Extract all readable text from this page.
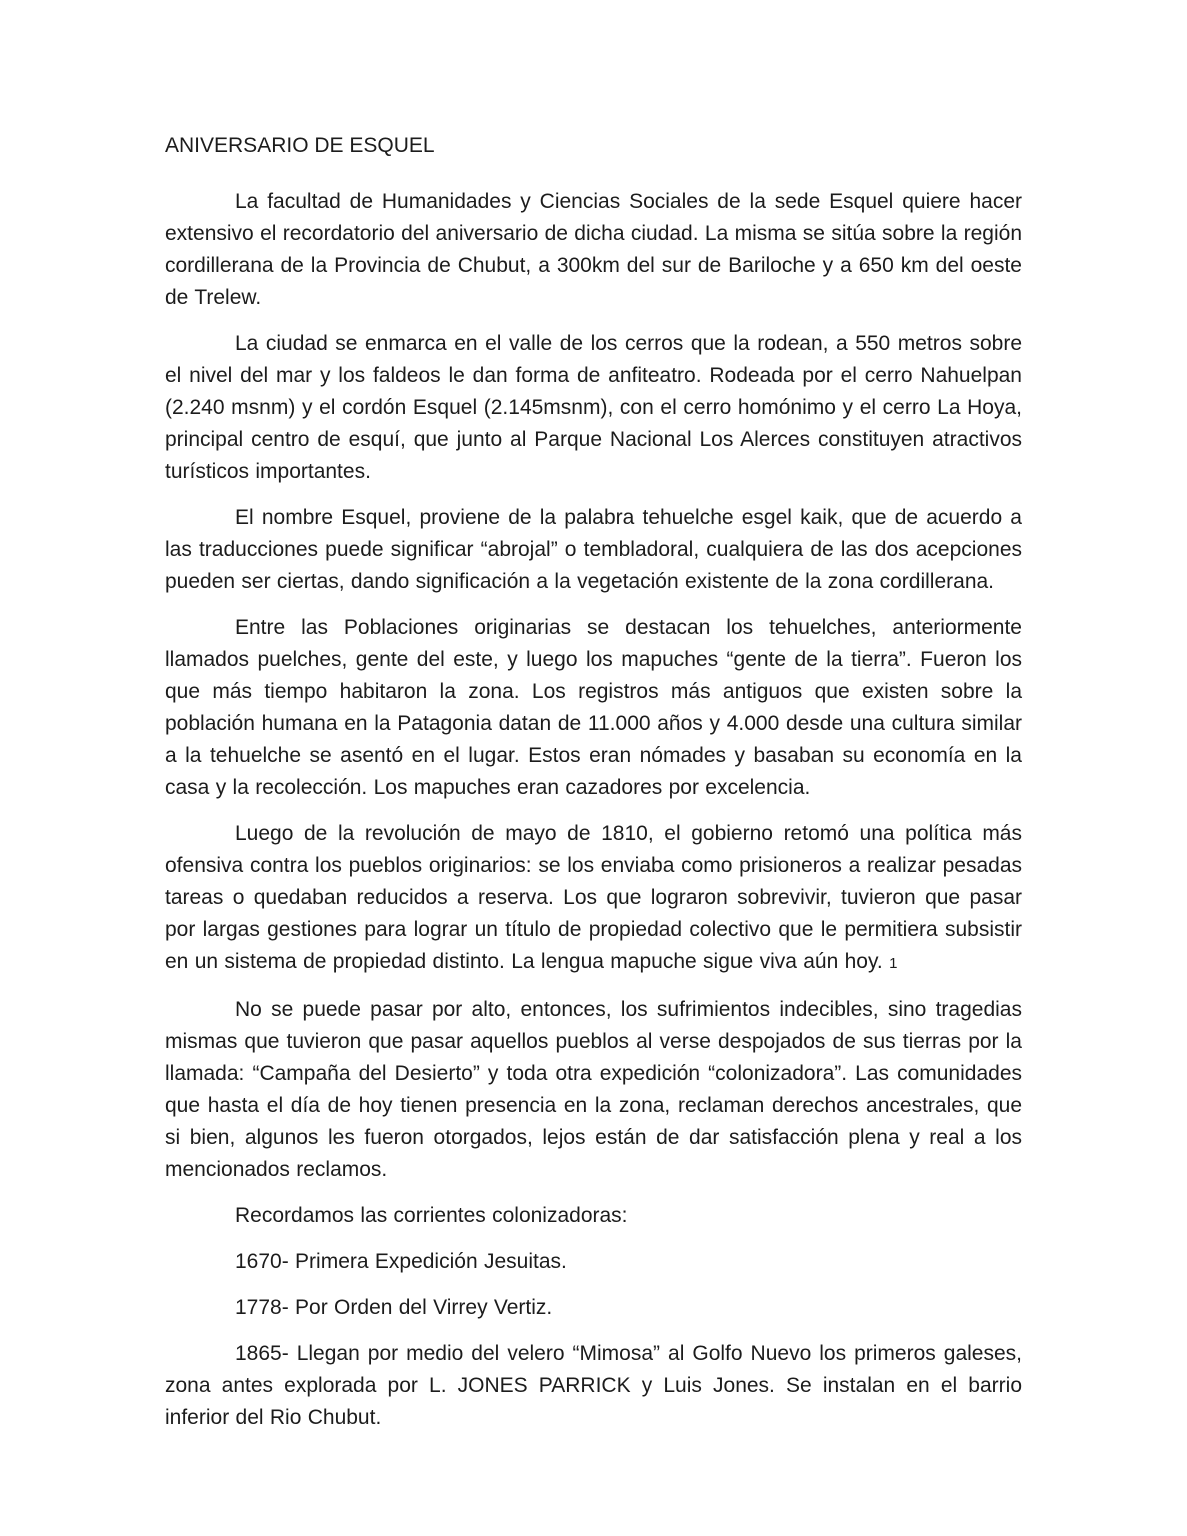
ANIVERSARIO DE ESQUEL

La facultad de Humanidades y Ciencias Sociales de la sede Esquel quiere hacer extensivo el recordatorio del aniversario de dicha ciudad. La misma se sitúa sobre la región cordillerana de la Provincia de Chubut, a 300km del sur de Bariloche y a 650 km del oeste de Trelew.

La ciudad se enmarca en el valle de los cerros que la rodean, a 550 metros sobre el nivel del mar y los faldeos le dan forma de anfiteatro. Rodeada por el cerro Nahuelpan (2.240 msnm) y el cordón Esquel (2.145msnm), con el cerro homónimo y el cerro La Hoya, principal centro de esquí, que junto al Parque Nacional Los Alerces constituyen atractivos turísticos importantes.

El nombre Esquel, proviene de la palabra tehuelche esgel kaik, que de acuerdo a las traducciones puede significar “abrojal” o tembladoral, cualquiera de las dos acepciones pueden ser ciertas, dando significación a la vegetación existente de la zona cordillerana.

Entre las Poblaciones originarias se destacan los tehuelches, anteriormente llamados puelches, gente del este, y luego los mapuches “gente de la tierra”. Fueron los que más tiempo habitaron la zona. Los registros más antiguos que existen sobre la población humana en la Patagonia datan de 11.000 años y 4.000 desde una cultura similar a la tehuelche se asentó en el lugar. Estos eran nómades y basaban su economía en la casa y la recolección. Los mapuches eran cazadores por excelencia.

Luego de la revolución de mayo de 1810, el gobierno retomó una política más ofensiva contra los pueblos originarios: se los enviaba como prisioneros a realizar pesadas tareas o quedaban reducidos a reserva. Los que lograron sobrevivir, tuvieron que pasar por largas gestiones para lograr un título de propiedad colectivo que le permitiera subsistir en un sistema de propiedad distinto. La lengua mapuche sigue viva aún hoy. 1

No se puede pasar por alto, entonces, los sufrimientos indecibles, sino tragedias mismas que tuvieron que pasar aquellos pueblos al verse despojados de sus tierras por la llamada: “Campaña del Desierto” y toda otra expedición “colonizadora”. Las comunidades que hasta el día de hoy tienen presencia en la zona, reclaman derechos ancestrales, que si bien, algunos les fueron otorgados, lejos están de dar satisfacción plena y real a los mencionados reclamos.

Recordamos las corrientes colonizadoras:

1670- Primera Expedición Jesuitas.

1778- Por Orden del Virrey Vertiz.

1865- Llegan por medio del velero “Mimosa” al Golfo Nuevo los primeros galeses, zona antes explorada por L. JONES PARRICK y Luis Jones. Se instalan en el barrio inferior del Rio Chubut.
